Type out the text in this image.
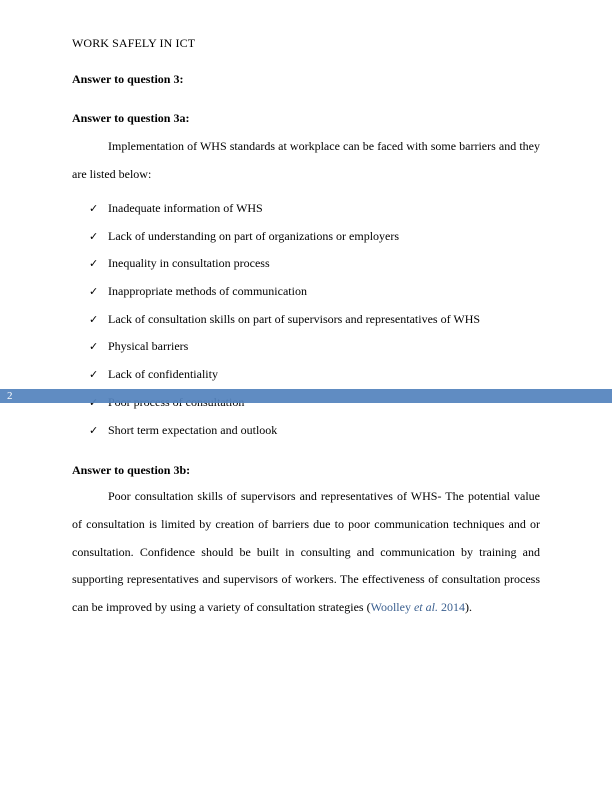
WORK SAFELY IN ICT
Answer to question 3:
Answer to question 3a:

Implementation of WHS standards at workplace can be faced with some barriers and they are listed below:

✓ Inadequate information of WHS
✓ Lack of understanding on part of organizations or employers
✓ Inequality in consultation process
✓ Inappropriate methods of communication
✓ Lack of consultation skills on part of supervisors and representatives of WHS
✓ Physical barriers
✓ Lack of confidentiality
✓ Short term expectation and outlook
Answer to question 3b:

Poor consultation skills of supervisors and representatives of WHS- The potential value of consultation is limited by creation of barriers due to poor communication techniques and or consultation. Confidence should be built in consulting and communication by training and supporting representatives and supervisors of workers. The effectiveness of consultation process can be improved by using a variety of consultation strategies (Woolley et al. 2014).

2
